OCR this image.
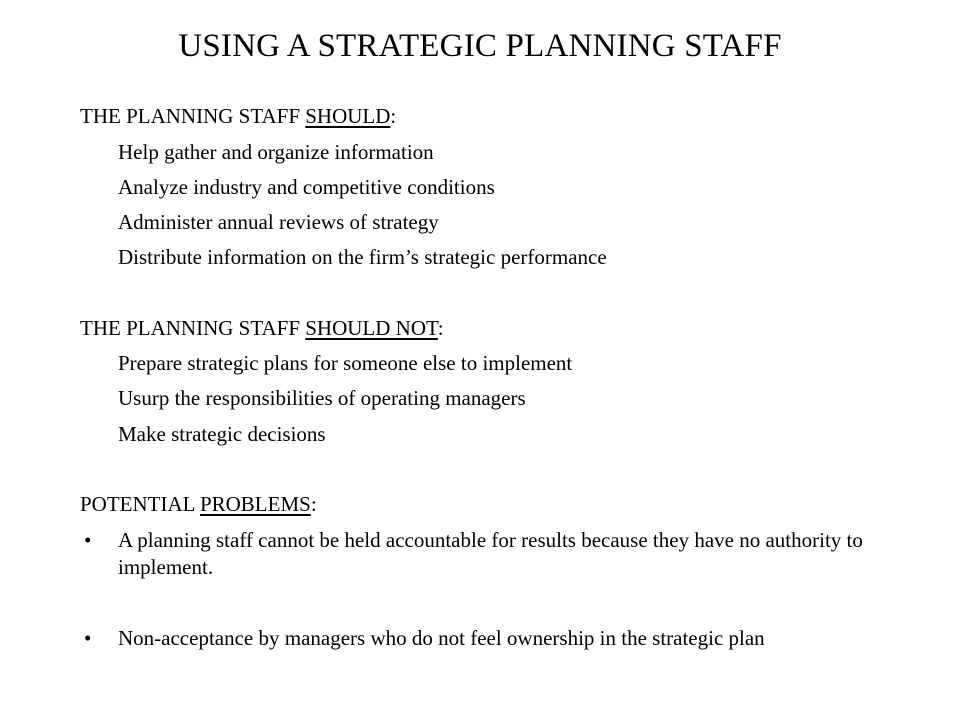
USING A STRATEGIC PLANNING STAFF
THE PLANNING STAFF SHOULD:
Help gather and organize information
Analyze industry and competitive conditions
Administer annual reviews of strategy
Distribute information on the firm’s strategic performance
THE PLANNING STAFF SHOULD NOT:
Prepare strategic plans for someone else to implement
Usurp the responsibilities of operating managers
Make strategic decisions
POTENTIAL PROBLEMS:
• A planning staff cannot be held accountable for results because they have no authority to implement.
• Non-acceptance by managers who do not feel ownership in the strategic plan
